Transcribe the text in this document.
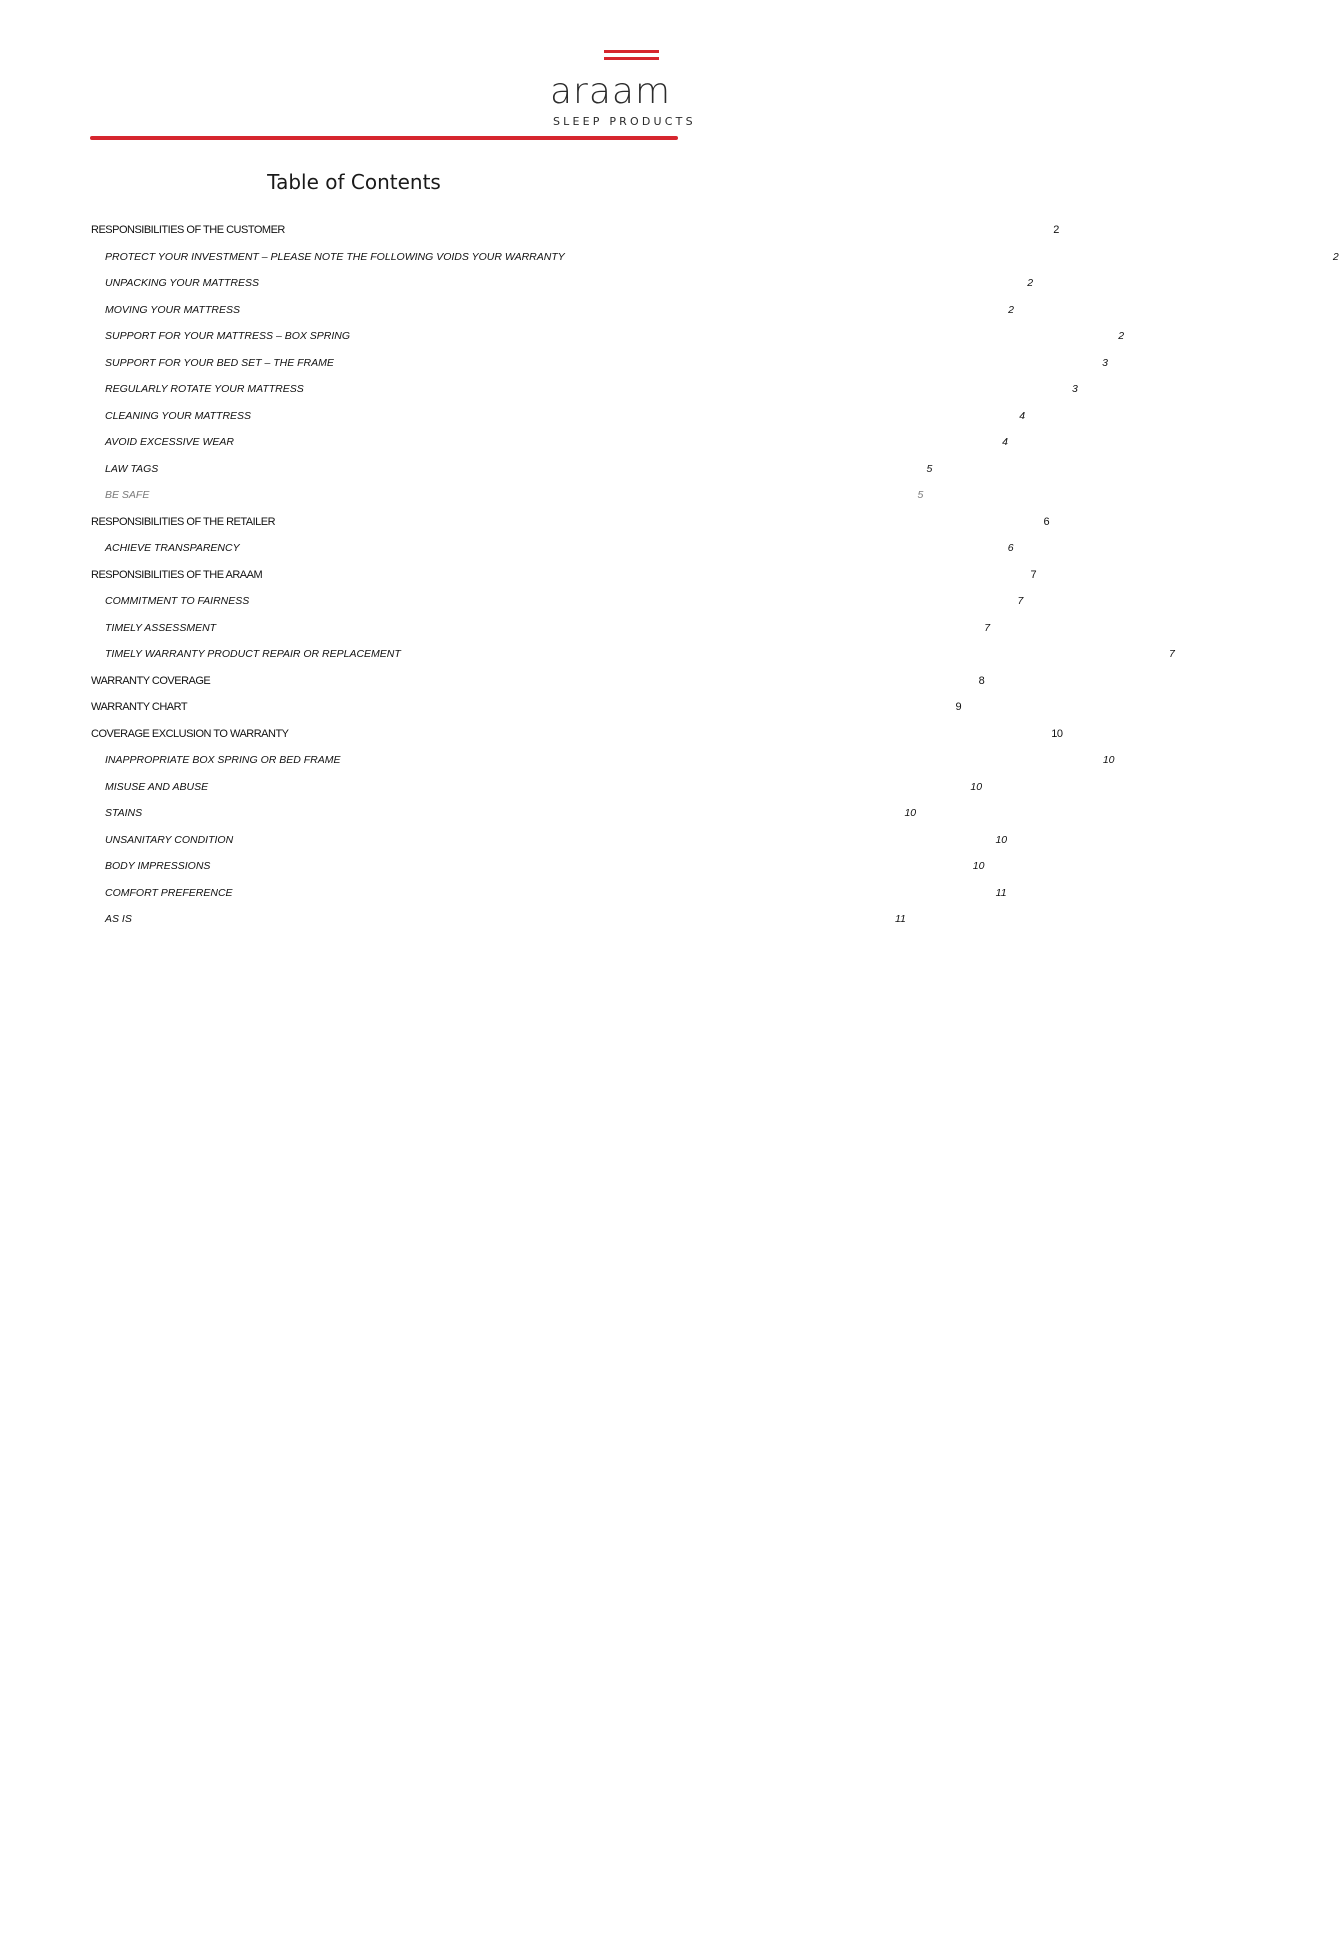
araam
SLEEP PRODUCTS
Table of Contents
RESPONSIBILITIES OF THE CUSTOMER	2
PROTECT YOUR INVESTMENT – PLEASE NOTE THE FOLLOWING VOIDS YOUR WARRANTY	2
UNPACKING YOUR MATTRESS	2
MOVING YOUR MATTRESS	2
SUPPORT FOR YOUR MATTRESS – BOX SPRING	2
SUPPORT FOR YOUR BED SET – THE FRAME	3
REGULARLY ROTATE YOUR MATTRESS	3
CLEANING YOUR MATTRESS	4
AVOID EXCESSIVE WEAR	4
LAW TAGS	5
BE SAFE	5
RESPONSIBILITIES OF THE RETAILER	6
ACHIEVE TRANSPARENCY	6
RESPONSIBILITIES OF THE ARAAM	7
COMMITMENT TO FAIRNESS	7
TIMELY ASSESSMENT	7
TIMELY WARRANTY PRODUCT REPAIR OR REPLACEMENT	7
WARRANTY COVERAGE	8
WARRANTY CHART	9
COVERAGE EXCLUSION TO WARRANTY	10
INAPPROPRIATE BOX SPRING OR BED FRAME	10
MISUSE AND ABUSE	10
STAINS	10
UNSANITARY CONDITION	10
BODY IMPRESSIONS	10
COMFORT PREFERENCE	11
AS IS	11
